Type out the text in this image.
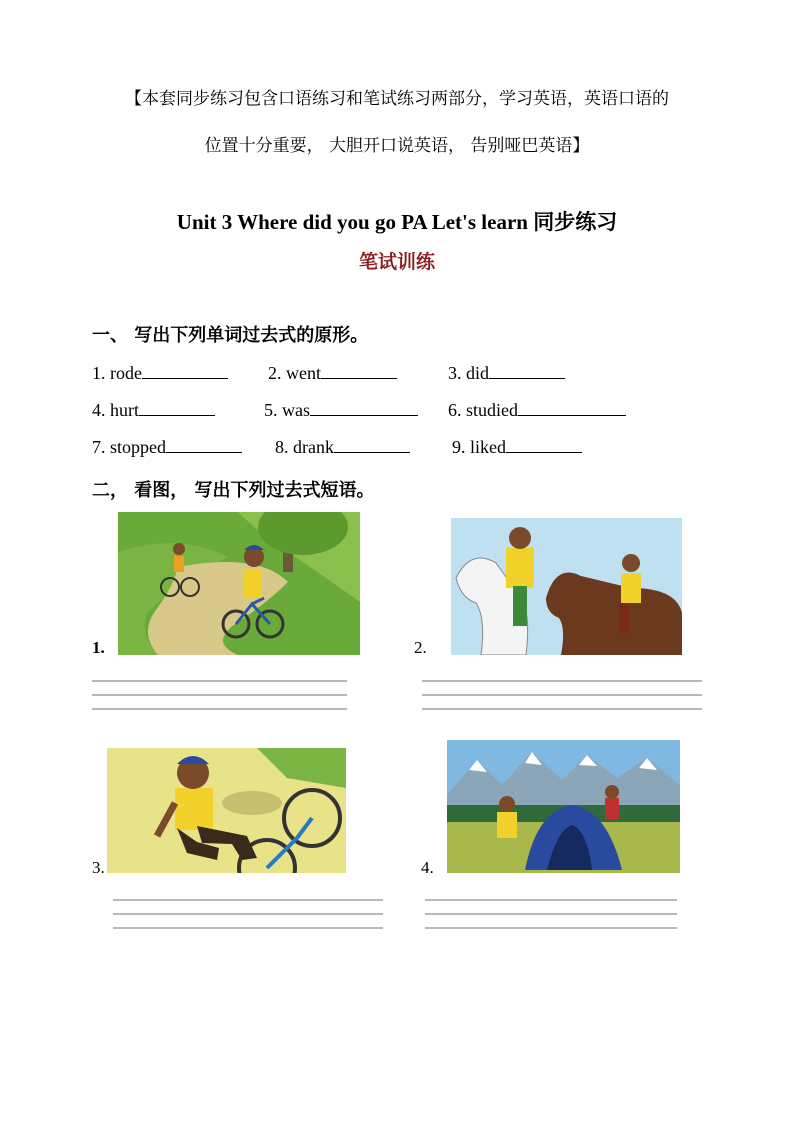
【本套同步练习包含口语练习和笔试练习两部分，学习英语，英语口语的
位置十分重要， 大胆开口说英语， 告别哑巴英语】
Unit 3 Where did you go PA Let's learn 同步练习
笔试训练
一、 写出下列单词过去式的原形。
1. rode	2. went	3. did
4. hurt	5. was	6. studied
7. stopped	8. drank	9. liked
二， 看图， 写出下列过去式短语。
1.	2.
3.	4.
